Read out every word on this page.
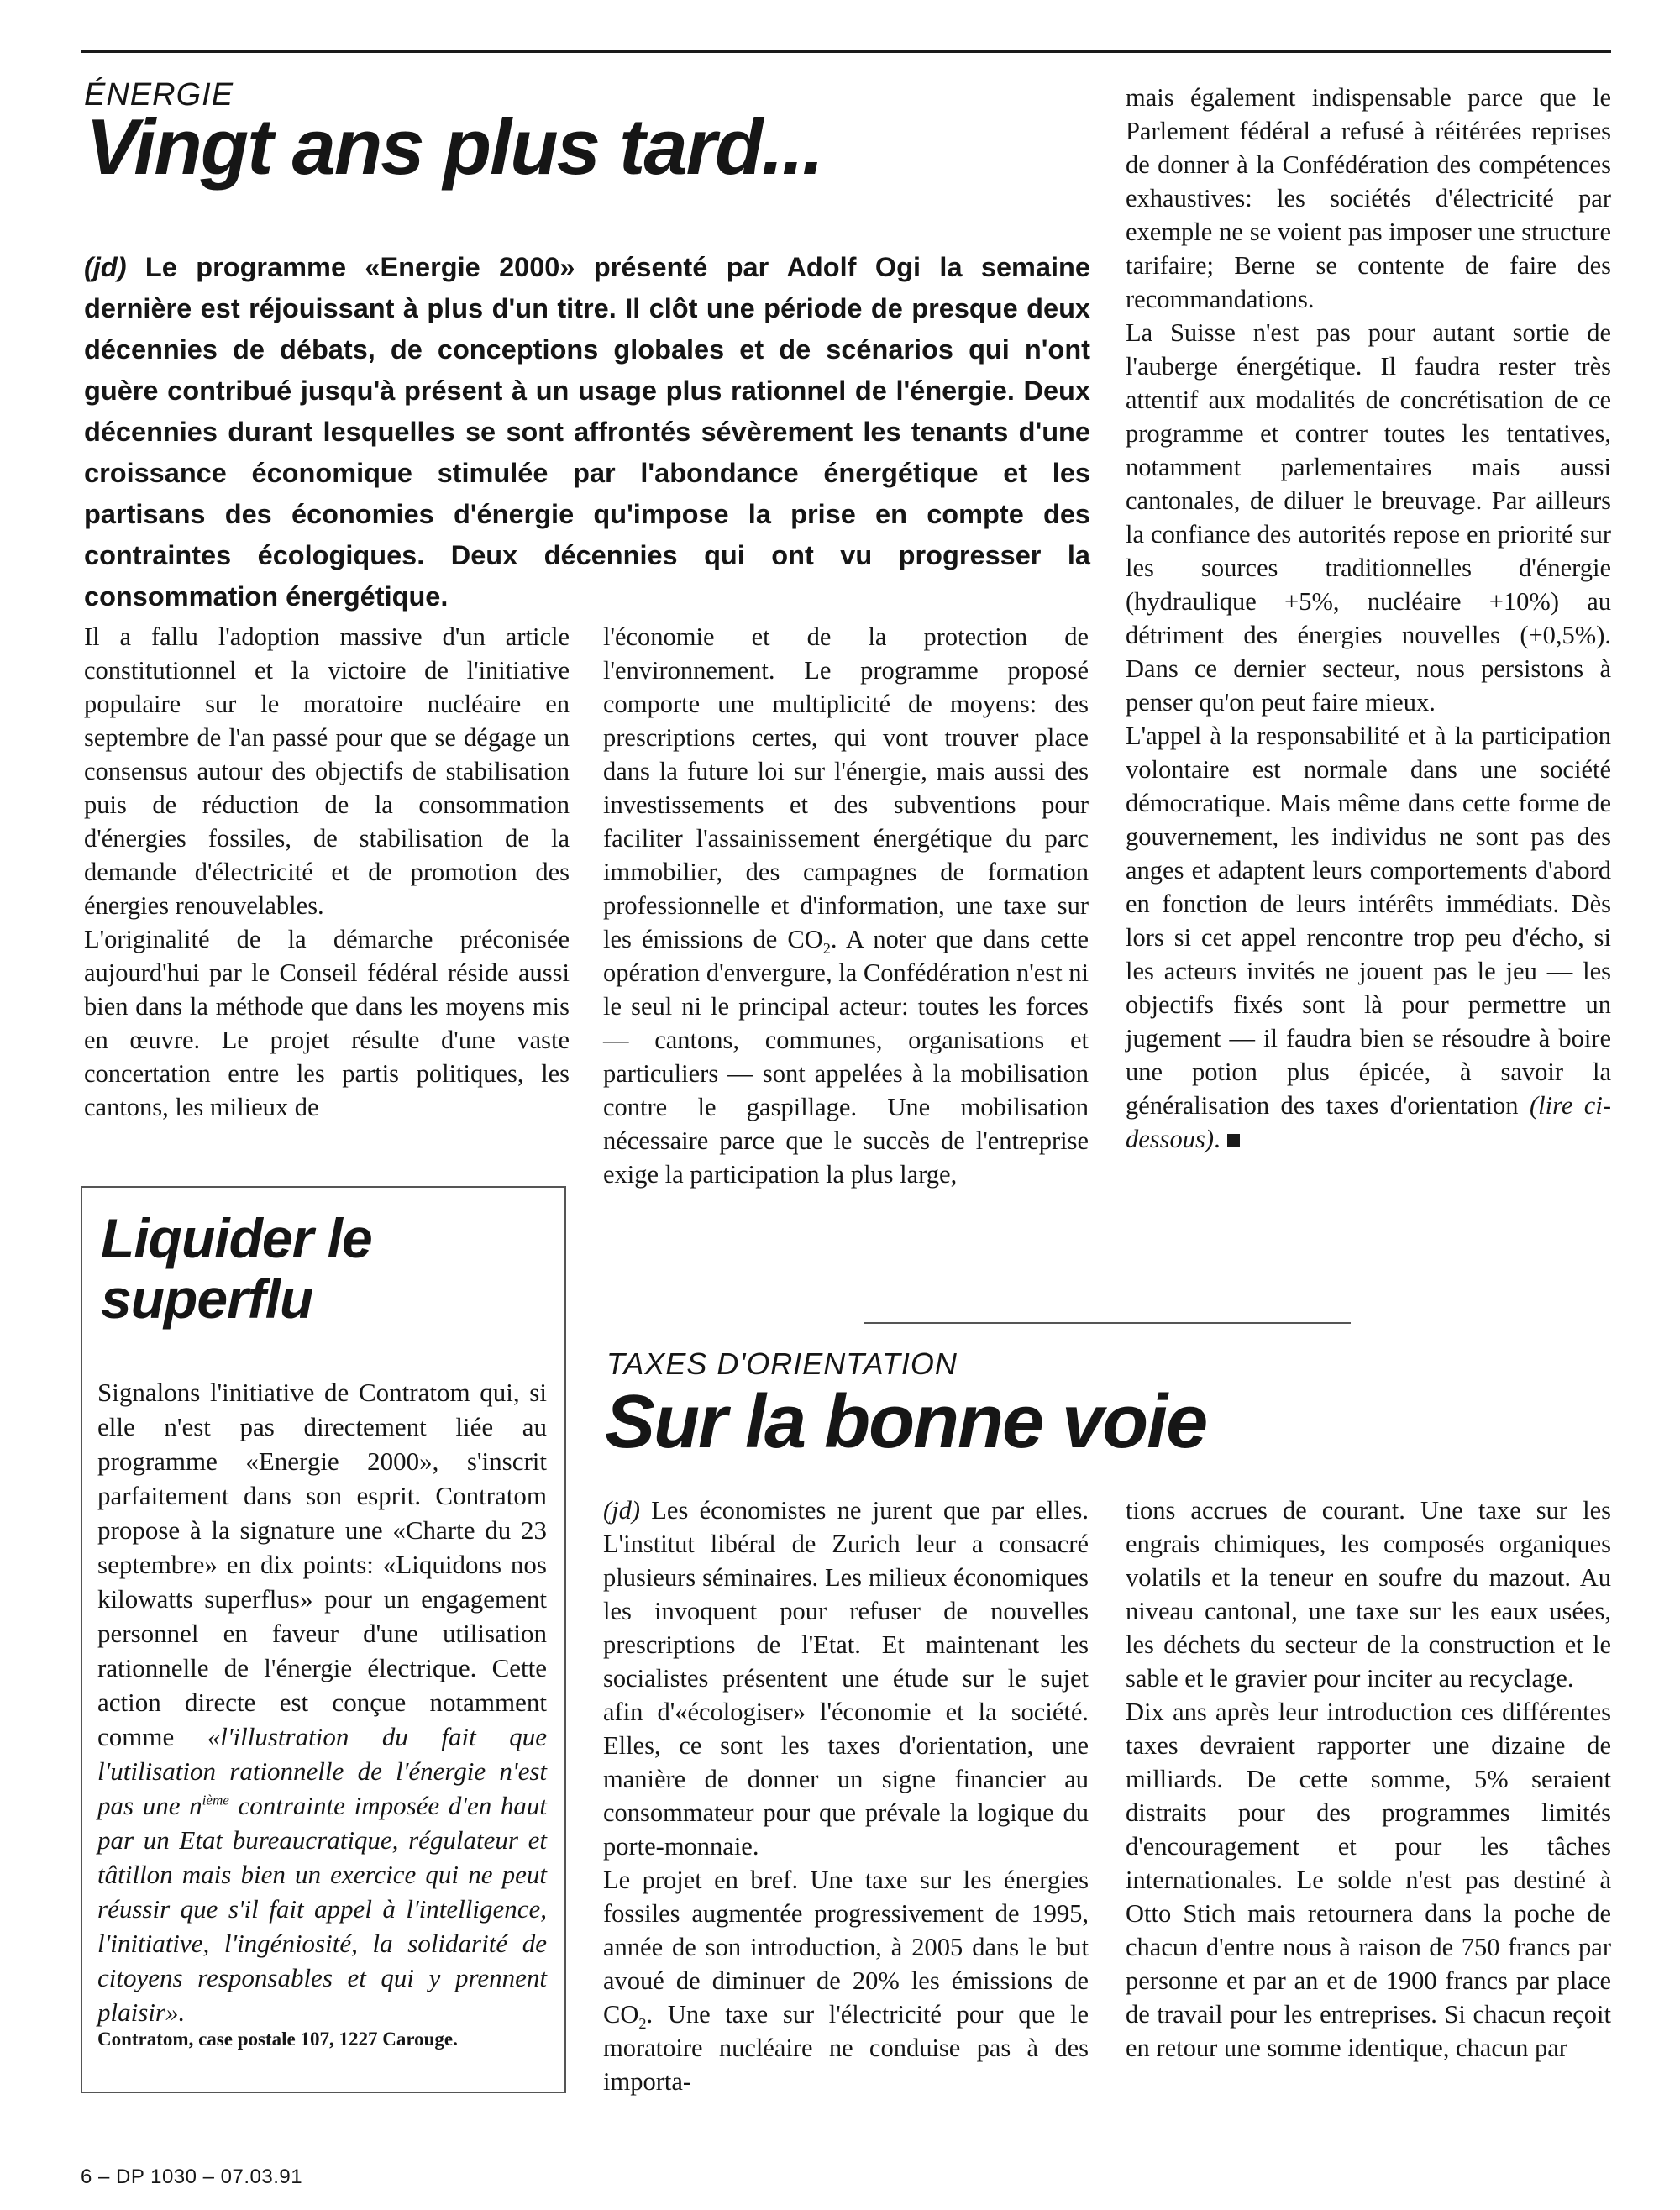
ÉNERGIE
Vingt ans plus tard...
(jd) Le programme «Energie 2000» présenté par Adolf Ogi la semaine dernière est réjouissant à plus d'un titre. Il clôt une période de presque deux décennies de débats, de conceptions globales et de scénarios qui n'ont guère contribué jusqu'à présent à un usage plus rationnel de l'énergie. Deux décennies durant lesquelles se sont affrontés sévèrement les tenants d'une croissance économique stimulée par l'abondance énergétique et les partisans des économies d'énergie qu'impose la prise en compte des contraintes écologiques. Deux décennies qui ont vu progresser la consommation énergétique.

Il a fallu l'adoption massive d'un article constitutionnel et la victoire de l'initiative populaire sur le moratoire nucléaire en septembre de l'an passé pour que se dégage un consensus autour des objectifs de stabilisation puis de réduction de la consommation d'énergies fossiles, de stabilisation de la demande d'électricité et de promotion des énergies renouvelables.

L'originalité de la démarche préconisée aujourd'hui par le Conseil fédéral réside aussi bien dans la méthode que dans les moyens mis en œuvre. Le projet résulte d'une vaste concertation entre les partis politiques, les cantons, les milieux de

l'économie et de la protection de l'environnement. Le programme proposé comporte une multiplicité de moyens: des prescriptions certes, qui vont trouver place dans la future loi sur l'énergie, mais aussi des investissements et des subventions pour faciliter l'assainissement énergétique du parc immobilier, des campagnes de formation professionnelle et d'information, une taxe sur les émissions de $CO_2$. A noter que dans cette opération d'envergure, la Confédération n'est ni le seul ni le principal acteur: toutes les forces — cantons, communes, organisations et particuliers — sont appelées à la mobilisation contre le gaspillage. Une mobilisation nécessaire parce que le succès de l'entreprise exige la participation la plus large,

mais également indispensable parce que le Parlement fédéral a refusé à réitérées reprises de donner à la Confédération des compétences exhaustives: les sociétés d'électricité par exemple ne se voient pas imposer une structure tarifaire; Berne se contente de faire des recommandations.

La Suisse n'est pas pour autant sortie de l'auberge énergétique. Il faudra rester très attentif aux modalités de concrétisation de ce programme et contrer toutes les tentatives, notamment parlementaires mais aussi cantonales, de diluer le breuvage. Par ailleurs la confiance des autorités repose en priorité sur les sources traditionnelles d'énergie (hydraulique +5%, nucléaire +10%) au détriment des énergies nouvelles (+0,5%). Dans ce dernier secteur, nous persistons à penser qu'on peut faire mieux.

L'appel à la responsabilité et à la participation volontaire est normale dans une société démocratique. Mais même dans cette forme de gouvernement, les individus ne sont pas des anges et adaptent leurs comportements d'abord en fonction de leurs intérêts immédiats. Dès lors si cet appel rencontre trop peu d'écho, si les acteurs invités ne jouent pas le jeu — les objectifs fixés sont là pour permettre un jugement — il faudra bien se résoudre à boire une potion plus épicée, à savoir la généralisation des taxes d'orientation (lire ci-dessous).

Liquider le superflu

Signalons l'initiative de Contratom qui, si elle n'est pas directement liée au programme «Energie 2000», s'inscrit parfaitement dans son esprit. Contratom propose à la signature une «Charte du 23 septembre» en dix points: «Liquidons nos kilowatts superflus» pour un engagement personnel en faveur d'une utilisation rationnelle de l'énergie électrique. Cette action directe est conçue notamment comme «l'illustration du fait que l'utilisation rationnelle de l'énergie n'est pas une $n^{ième}$ contrainte imposée d'en haut par un Etat bureaucratique, régulateur et tâtillon mais bien un exercice qui ne peut réussir que s'il fait appel à l'intelligence, l'initiative, l'ingéniosité, la solidarité de citoyens responsables et qui y prennent plaisir».

Contratom, case postale 107, 1227 Carouge.
TAXES D'ORIENTATION
Sur la bonne voie

(jd) Les économistes ne jurent que par elles. L'institut libéral de Zurich leur a consacré plusieurs séminaires. Les milieux économiques les invoquent pour refuser de nouvelles prescriptions de l'Etat. Et maintenant les socialistes présentent une étude sur le sujet afin d'«écologiser» l'économie et la société. Elles, ce sont les taxes d'orientation, une manière de donner un signe financier au consommateur pour que prévale la logique du porte-monnaie.

Le projet en bref. Une taxe sur les énergies fossiles augmentée progressivement de 1995, année de son introduction, à 2005 dans le but avoué de diminuer de 20% les émissions de $CO_2$. Une taxe sur l'électricité pour que le moratoire nucléaire ne conduise pas à des importa-

tions accrues de courant. Une taxe sur les engrais chimiques, les composés organiques volatils et la teneur en soufre du mazout. Au niveau cantonal, une taxe sur les eaux usées, les déchets du secteur de la construction et le sable et le gravier pour inciter au recyclage.

Dix ans après leur introduction ces différentes taxes devraient rapporter une dizaine de milliards. De cette somme, 5% seraient distraits pour des programmes limités d'encouragement et pour les tâches internationales. Le solde n'est pas destiné à Otto Stich mais retournera dans la poche de chacun d'entre nous à raison de 750 francs par personne et par an et de 1900 francs par place de travail pour les entreprises. Si chacun reçoit en retour une somme identique, chacun par

6 – DP 1030 – 07.03.91
